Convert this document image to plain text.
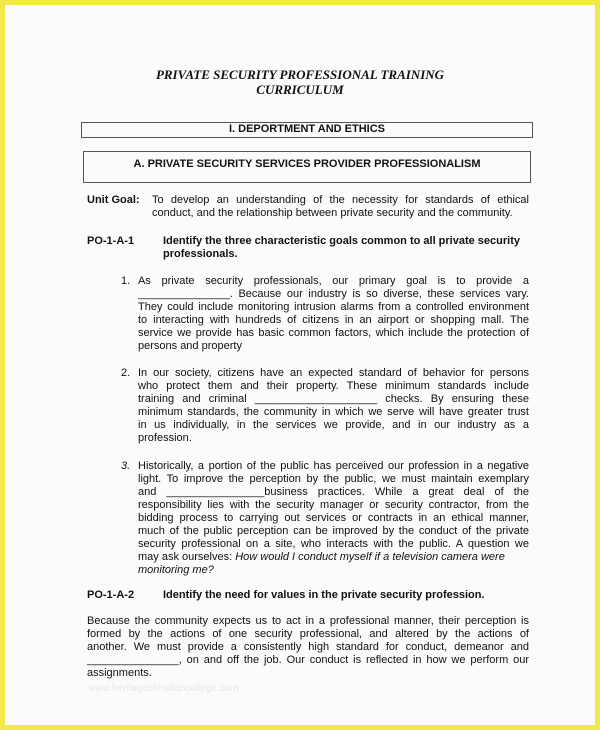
PRIVATE SECURITY PROFESSIONAL TRAINING
CURRICULUM
I. DEPORTMENT AND ETHICS
A. PRIVATE SECURITY SERVICES PROVIDER PROFESSIONALISM
Unit Goal: To develop an understanding of the necessity for standards of ethical
conduct, and the relationship between private security and the community.
PO-1-A-1	Identify the three characteristic goals common to all private security
professionals.
1. As private security professionals, our primary goal is to provide a
_______________. Because our industry is so diverse, these services vary.
They could include monitoring intrusion alarms from a controlled environment
to interacting with hundreds of citizens in an airport or shopping mall. The
service we provide has basic common factors, which include the protection of
persons and property
2. In our society, citizens have an expected standard of behavior for persons
who protect them and their property. These minimum standards include
training and criminal ____________________ checks. By ensuring these
minimum standards, the community in which we serve will have greater trust
in us individually, in the services we provide, and in our industry as a
profession.
3. Historically, a portion of the public has perceived our profession in a negative
light. To improve the perception by the public, we must maintain exemplary
and ________________business practices. While a great deal of the
responsibility lies with the security manager or security contractor, from the
bidding process to carrying out services or contracts in an ethical manner,
much of the public perception can be improved by the conduct of the private
security professional on a site, who interacts with the public. A question we
may ask ourselves: How would I conduct myself if a television camera were
monitoring me?
PO-1-A-2	Identify the need for values in the private security profession.
Because the community expects us to act in a professional manner, their perception is
formed by the actions of one security professional, and altered by the actions of
another. We must provide a consistently high standard for conduct, demeanor and
_______________, on and off the job. Our conduct is reflected in how we perform our
assignments.
www.heritagechristiancollege.com
